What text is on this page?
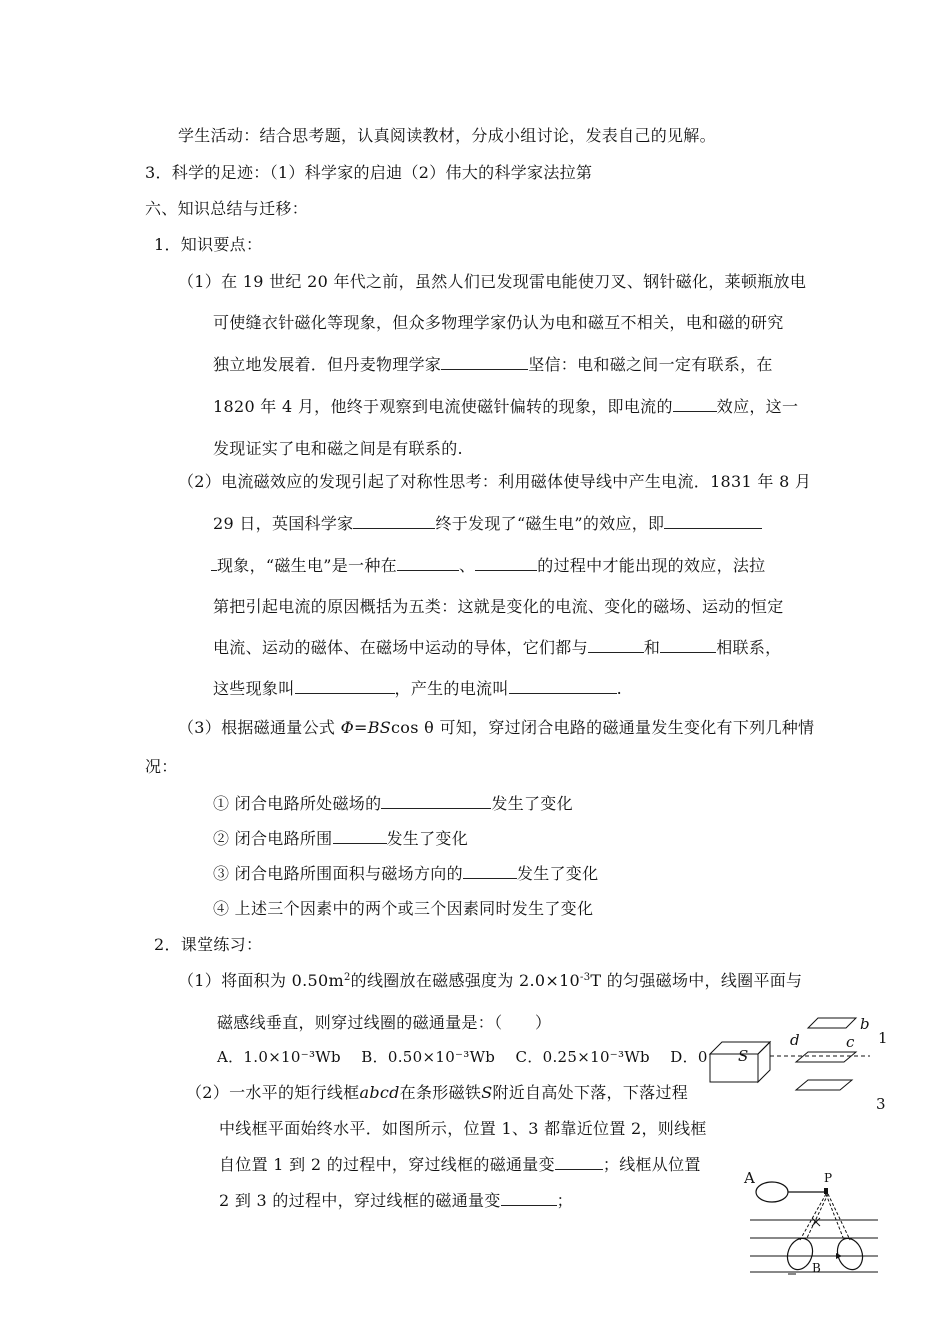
学生活动：结合思考题，认真阅读教材，分成小组讨论，发表自己的见解。
3．科学的足迹：（1）科学家的启迪（2）伟大的科学家法拉第
六、知识总结与迁移：
1．知识要点：
（1）在 19 世纪 20 年代之前，虽然人们已发现雷电能使刀叉、钢针磁化，莱顿瓶放电
可使缝衣针磁化等现象，但众多物理学家仍认为电和磁互不相关，电和磁的研究
独立地发展着．但丹麦物理学家	坚信：电和磁之间一定有联系，在
1820 年 4 月，他终于观察到电流使磁针偏转的现象，即电流的	效应，这一
发现证实了电和磁之间是有联系的.
（2）电流磁效应的发现引起了对称性思考：利用磁体使导线中产生电流．1831 年 8 月
29 日，英国科学家	终于发现了“磁生电”的效应，即
现象，“磁生电”是一种在	、	的过程中才能出现的效应，法拉
第把引起电流的原因概括为五类：这就是变化的电流、变化的磁场、运动的恒定
电流、运动的磁体、在磁场中运动的导体，它们都与	和	相联系，
这些现象叫	，产生的电流叫	.
（3）根据磁通量公式 Φ=BScos θ 可知，穿过闭合电路的磁通量发生变化有下列几种情
况：
① 闭合电路所处磁场的	发生了变化
② 闭合电路所围	发生了变化
③ 闭合电路所围面积与磁场方向的	发生了变化
④ 上述三个因素中的两个或三个因素同时发生了变化
2．课堂练习：
（1）将面积为 $0.50m^2$的线圈放在磁感强度为 $2.0\times 10^{-3}T$ 的匀强磁场中，线圈平面与
磁感线垂直，则穿过线圈的磁通量是：（　　）
A．1.0×10⁻³Wb　 B．0.50×10⁻³Wb　 C．0.25×10⁻³Wb　 D．0
（2）一水平的矩行线框abcd在条形磁铁S附近自高处下落，下落过程
中线框平面始终水平．如图所示，位置 1、3 都靠近位置 2，则线框
自位置 1 到 2 的过程中，穿过线框的磁通量变	；线框从位置
2 到 3 的过程中，穿过线框的磁通量变	；
b
d	c
S
1
3
A	P
B
